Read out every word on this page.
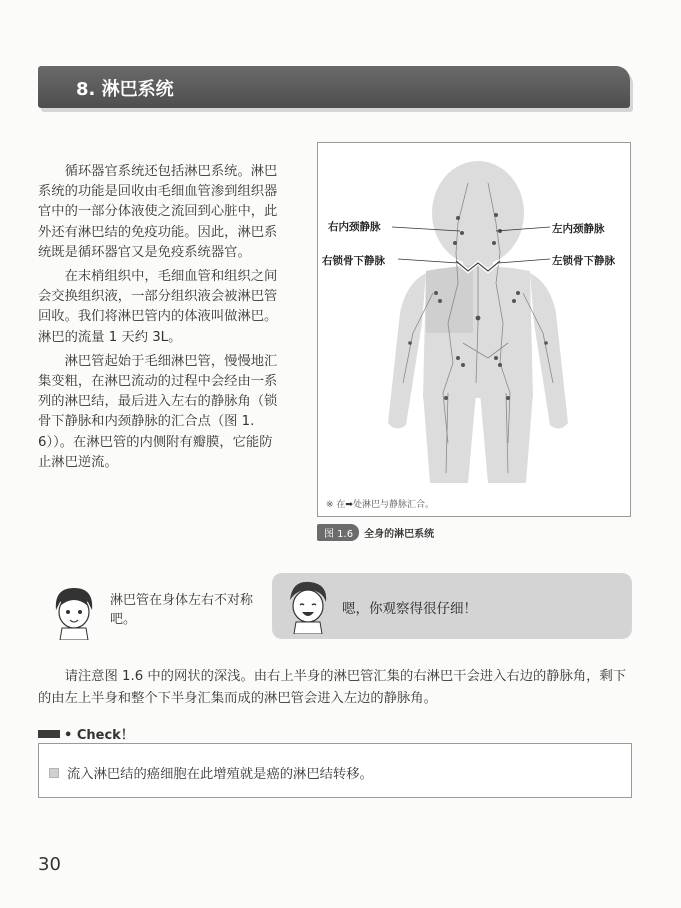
8. 淋巴系统

循环器官系统还包括淋巴系统。淋巴系统的功能是回收由毛细血管渗到组织器官中的一部分体液使之流回到心脏中，此外还有淋巴结的免疫功能。因此，淋巴系统既是循环器官又是免疫系统器官。

在末梢组织中，毛细血管和组织之间会交换组织液，一部分组织液会被淋巴管回收。我们将淋巴管内的体液叫做淋巴。淋巴的流量 1 天约 3L。

淋巴管起始于毛细淋巴管，慢慢地汇集变粗，在淋巴流动的过程中会经由一系列的淋巴结，最后进入左右的静脉角（锁骨下静脉和内颈静脉的汇合点（图 1.6））。在淋巴管的内侧附有瓣膜，它能防止淋巴逆流。

右内颈静脉	左内颈静脉
右锁骨下静脉	左锁骨下静脉
※ 在➡处淋巴与静脉汇合。
图 1.6	全身的淋巴系统
淋巴管在身体左右不对称吧。
嗯，你观察得很仔细！

请注意图 1.6 中的网状的深浅。由右上半身的淋巴管汇集的右淋巴干会进入右边的静脉角，剩下的由左上半身和整个下半身汇集而成的淋巴管会进入左边的静脉角。

• Check！
流入淋巴结的癌细胞在此增殖就是癌的淋巴结转移。
30
